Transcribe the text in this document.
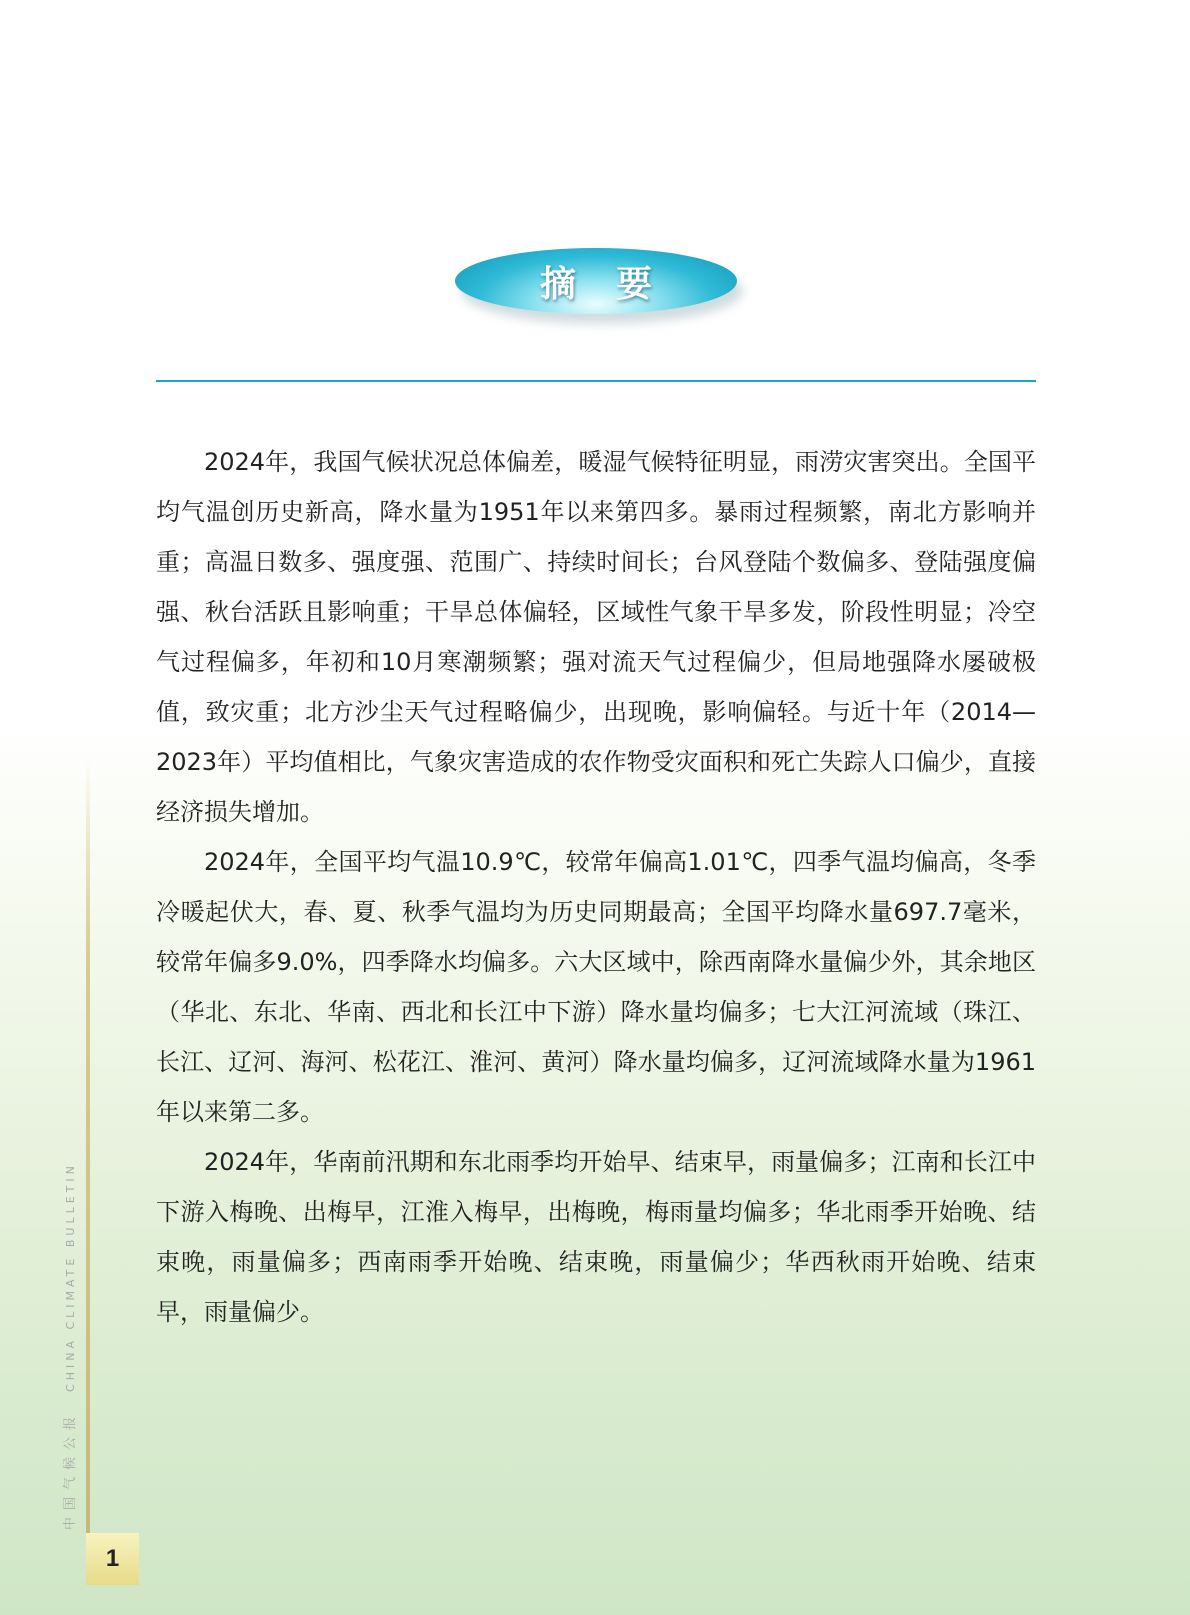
摘要

2024年，我国气候状况总体偏差，暖湿气候特征明显，雨涝灾害突出。全国平均气温创历史新高，降水量为1951年以来第四多。暴雨过程频繁，南北方影响并重；高温日数多、强度强、范围广、持续时间长；台风登陆个数偏多、登陆强度偏强、秋台活跃且影响重；干旱总体偏轻，区域性气象干旱多发，阶段性明显；冷空气过程偏多，年初和10月寒潮频繁；强对流天气过程偏少，但局地强降水屡破极值，致灾重；北方沙尘天气过程略偏少，出现晚，影响偏轻。与近十年（2014—2023年）平均值相比，气象灾害造成的农作物受灾面积和死亡失踪人口偏少，直接经济损失增加。

2024年，全国平均气温10.9℃，较常年偏高1.01℃，四季气温均偏高，冬季冷暖起伏大，春、夏、秋季气温均为历史同期最高；全国平均降水量697.7毫米，较常年偏多9.0%，四季降水均偏多。六大区域中，除西南降水量偏少外，其余地区（华北、东北、华南、西北和长江中下游）降水量均偏多；七大江河流域（珠江、长江、辽河、海河、松花江、淮河、黄河）降水量均偏多，辽河流域降水量为1961年以来第二多。

2024年，华南前汛期和东北雨季均开始早、结束早，雨量偏多；江南和长江中下游入梅晚、出梅早，江淮入梅早，出梅晚，梅雨量均偏多；华北雨季开始晚、结束晚，雨量偏多；西南雨季开始晚、结束晚，雨量偏少；华西秋雨开始晚、结束早，雨量偏少。

中国气候公报CHINA CLIMATE BULLETIN
1
